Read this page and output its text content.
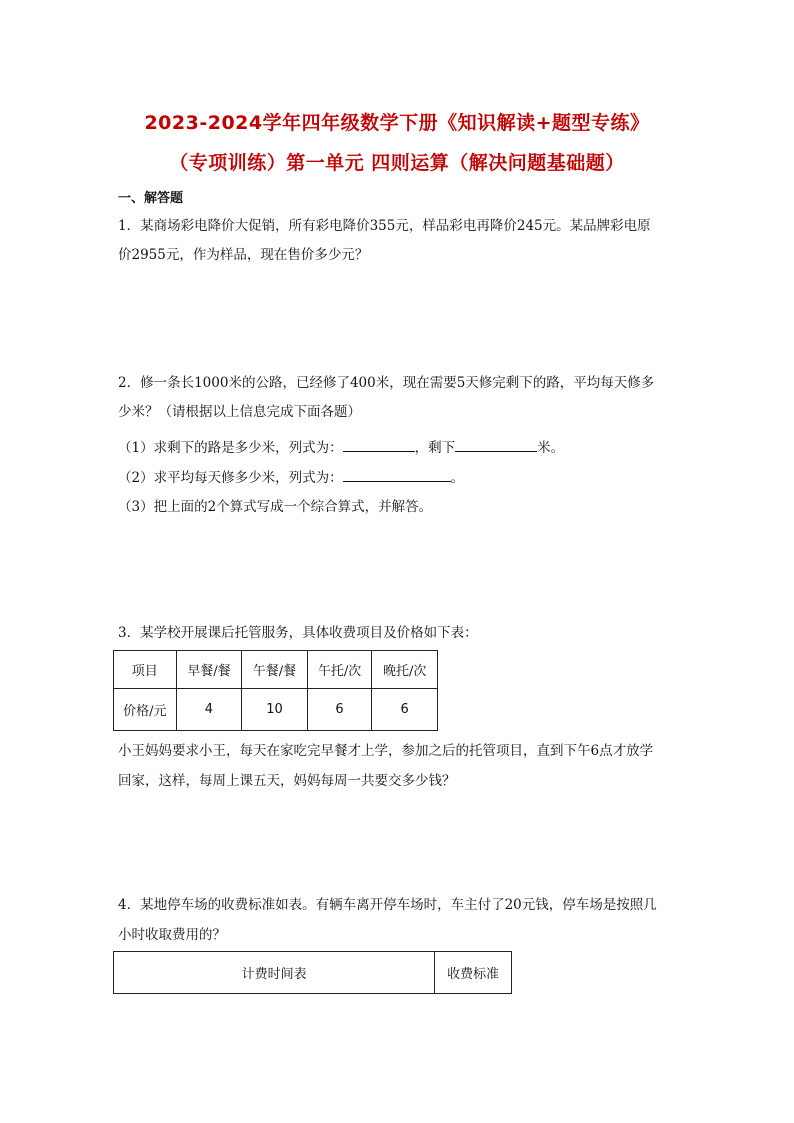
2023-2024学年四年级数学下册《知识解读+题型专练》
（专项训练）第一单元 四则运算（解决问题基础题）
一、解答题
1．某商场彩电降价大促销，所有彩电降价355元，样品彩电再降价245元。某品牌彩电原
价2955元，作为样品，现在售价多少元？
2．修一条长1000米的公路，已经修了400米，现在需要5天修完剩下的路，平均每天修多
少米？（请根据以上信息完成下面各题）
（1）求剩下的路是多少米，列式为：	，剩下	米。
（2）求平均每天修多少米，列式为：	。
（3）把上面的2个算式写成一个综合算式，并解答。
3．某学校开展课后托管服务，具体收费项目及价格如下表：
项目	早餐/餐	午餐/餐	午托/次	晚托/次
价格/元	4	10	6	6
小王妈妈要求小王，每天在家吃完早餐才上学，参加之后的托管项目，直到下午6点才放学
回家，这样，每周上课五天，妈妈每周一共要交多少钱？
4．某地停车场的收费标准如表。有辆车离开停车场时，车主付了20元钱，停车场是按照几
小时收取费用的？
计费时间表	收费标准
